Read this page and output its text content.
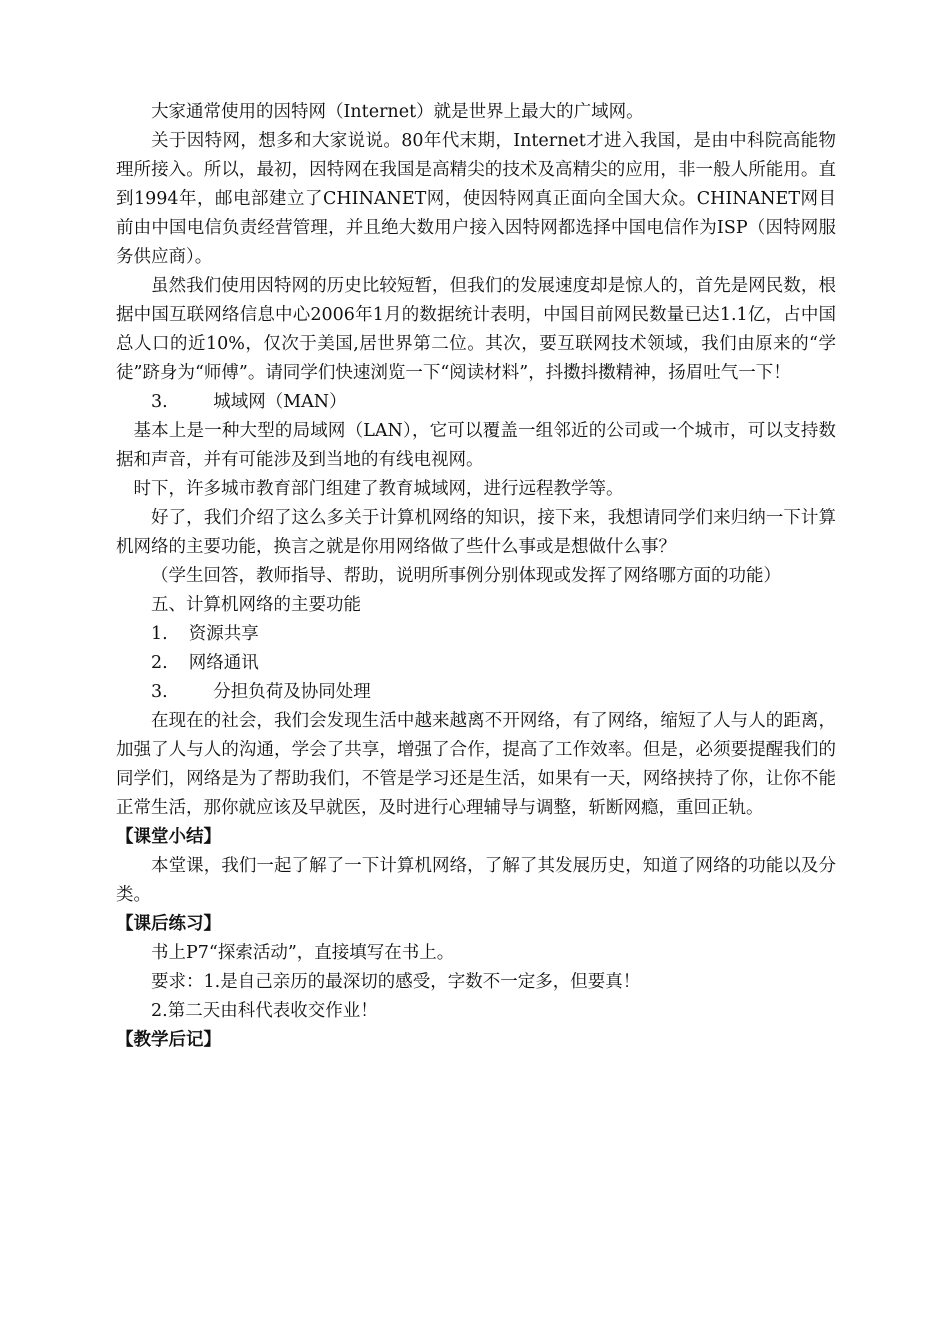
大家通常使用的因特网（Internet）就是世界上最大的广域网。

关于因特网，想多和大家说说。80年代末期，Internet才进入我国，是由中科院高能物理所接入。所以，最初，因特网在我国是高精尖的技术及高精尖的应用，非一般人所能用。直到1994年，邮电部建立了CHINANET网，使因特网真正面向全国大众。CHINANET网目前由中国电信负责经营管理，并且绝大数用户接入因特网都选择中国电信作为ISP（因特网服务供应商）。

虽然我们使用因特网的历史比较短暂，但我们的发展速度却是惊人的，首先是网民数，根据中国互联网络信息中心2006年1月的数据统计表明，中国目前网民数量已达1.1亿，占中国总人口的近10%，仅次于美国,居世界第二位。其次，要互联网技术领域，我们由原来的“学徒”跻身为“师傅”。请同学们快速浏览一下“阅读材料”，抖擞抖擞精神，扬眉吐气一下！

3.	城域网（MAN）

基本上是一种大型的局域网（LAN），它可以覆盖一组邻近的公司或一个城市，可以支持数据和声音，并有可能涉及到当地的有线电视网。

时下，许多城市教育部门组建了教育城域网，进行远程教学等。

好了，我们介绍了这么多关于计算机网络的知识，接下来，我想请同学们来归纳一下计算机网络的主要功能，换言之就是你用网络做了些什么事或是想做什么事？

（学生回答，教师指导、帮助，说明所事例分别体现或发挥了网络哪方面的功能）

五、计算机网络的主要功能

1. 资源共享

2. 网络通讯

3.	分担负荷及协同处理

在现在的社会，我们会发现生活中越来越离不开网络，有了网络，缩短了人与人的距离，加强了人与人的沟通，学会了共享，增强了合作，提高了工作效率。但是，必须要提醒我们的同学们，网络是为了帮助我们，不管是学习还是生活，如果有一天，网络挟持了你，让你不能正常生活，那你就应该及早就医，及时进行心理辅导与调整，斩断网瘾，重回正轨。

【课堂小结】

本堂课，我们一起了解了一下计算机网络，了解了其发展历史，知道了网络的功能以及分类。

【课后练习】

书上P7“探索活动”，直接填写在书上。

要求：1.是自己亲历的最深切的感受，字数不一定多，但要真！

2.第二天由科代表收交作业！

【教学后记】
